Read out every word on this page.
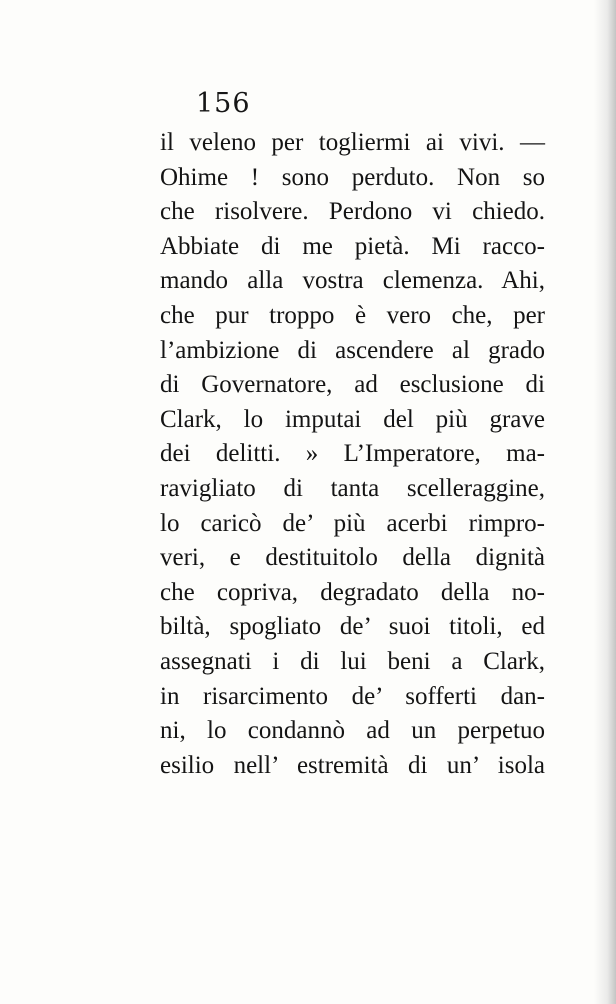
156

il veleno per togliermi ai vivi. —
Ohime ! sono perduto. Non so
che risolvere. Perdono vi chiedo.
Abbiate di me pietà. Mi racco-
mando alla vostra clemenza. Ahi,
che pur troppo è vero che, per
l’ambizione di ascendere al grado
di Governatore, ad esclusione di
Clark, lo imputai del più grave
dei delitti. » L’Imperatore, ma-
ravigliato di tanta scelleraggine,
lo caricò de’ più acerbi rimpro-
veri, e destituitolo della dignità
che copriva, degradato della no-
biltà, spogliato de’ suoi titoli, ed
assegnati i di lui beni a Clark,
in risarcimento de’ sofferti dan-
ni, lo condannò ad un perpetuo
esilio nell’ estremità di un’ isola
